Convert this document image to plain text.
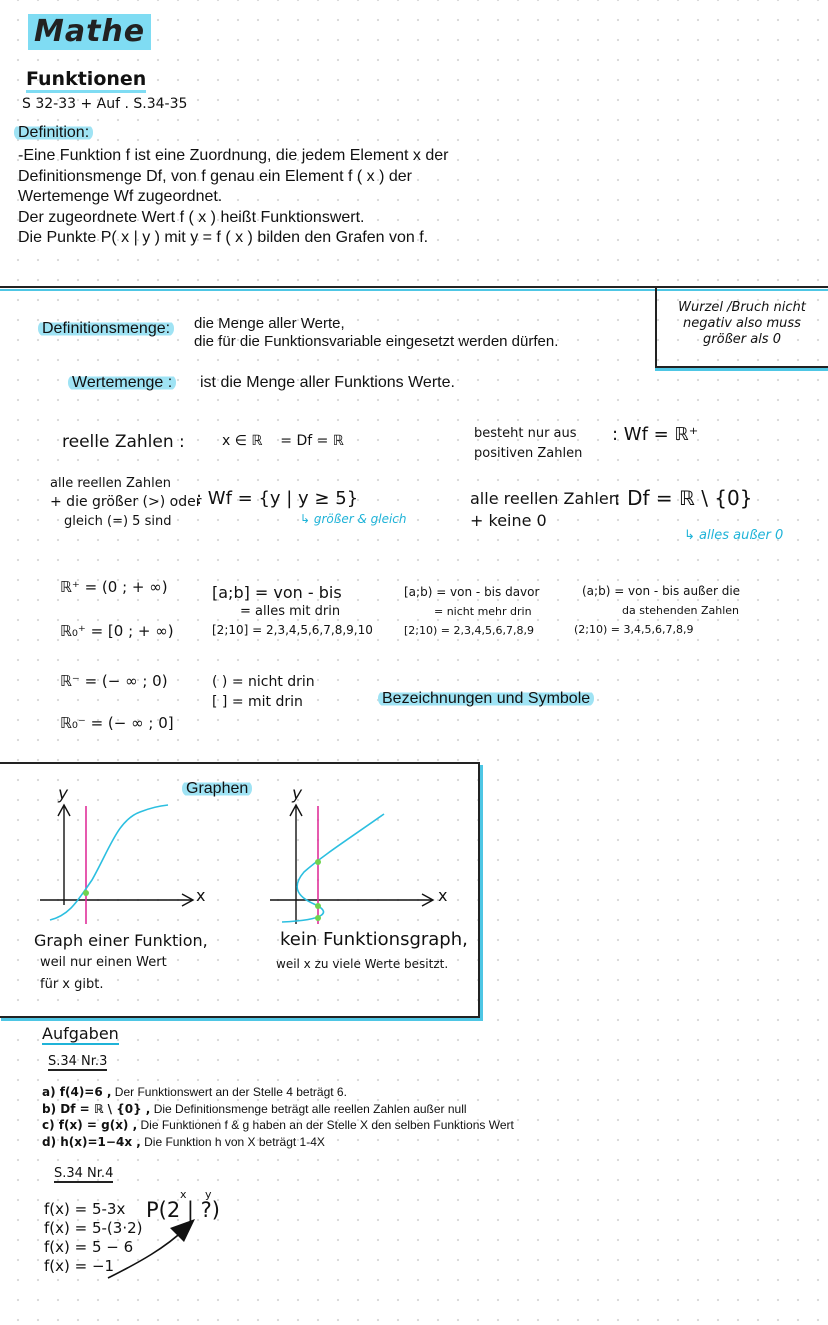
Mathe
Funktionen
S 32-33 + Auf . S.34-35
Definition:
-Eine Funktion f ist eine Zuordnung, die jedem Element x der
Definitionsmenge Df, von f genau ein Element f ( x ) der
Wertemenge Wf zugeordnet.
Der zugeordnete Wert f ( x ) heißt Funktionswert.
Die Punkte P( x | y ) mit y = f ( x ) bilden den Grafen von f.
Definitionsmenge: die Menge aller Werte,
die für die Funktionsvariable eingesetzt werden dürfen.
Wurzel /Bruch nicht
negativ also muss
größer als 0
Wertemenge : ist die Menge aller Funktions Werte.
reelle Zahlen :	x ∈ ℝ    = Df = ℝ	besteht nur aus
positiven Zahlen
: Wf = ℝ⁺
alle reellen Zahlen
+ die größer (>) oder
gleich (=) 5 sind
: Wf = {y | y ≥ 5}
↳ größer & gleich
alle reellen Zahlen
+ keine 0
: Df = ℝ \ {0}
↳ alles außer 0
ℝ⁺ = (0 ; + ∞)
ℝ₀⁺ = [0 ; + ∞)
ℝ⁻ = (− ∞ ; 0)
ℝ₀⁻ = (− ∞ ; 0]
[a;b] = von - bis
= alles mit drin
[2;10] = 2,3,4,5,6,7,8,9,10
[a;b) = von - bis davor
= nicht mehr drin
[2;10) = 2,3,4,5,6,7,8,9
(a;b) = von - bis außer die
da stehenden Zahlen
(2;10) = 3,4,5,6,7,8,9
( ) = nicht drin
[ ] = mit drin	Bezeichnungen und Symbole
Graphen
y
x
y
x
Graph einer Funktion,
weil nur einen Wert
für x gibt.
kein Funktionsgraph,
weil x zu viele Werte besitzt.
Aufgaben
S.34 Nr.3
a) f(4)=6 , Der Funktionswert an der Stelle 4 beträgt 6.
b) Df = ℝ \ {0} , Die Definitionsmenge beträgt alle reellen Zahlen außer null
c) f(x) = g(x) , Die Funktionen f & g haben an der Stelle X den selben Funktions Wert
d) h(x)=1−4x , Die Funktion h von X beträgt 1-4X
S.34 Nr.4
f(x) = 5-3x
f(x) = 5-(3·2)
f(x) = 5 − 6
f(x) = −1
P(2 | ?)
x y
